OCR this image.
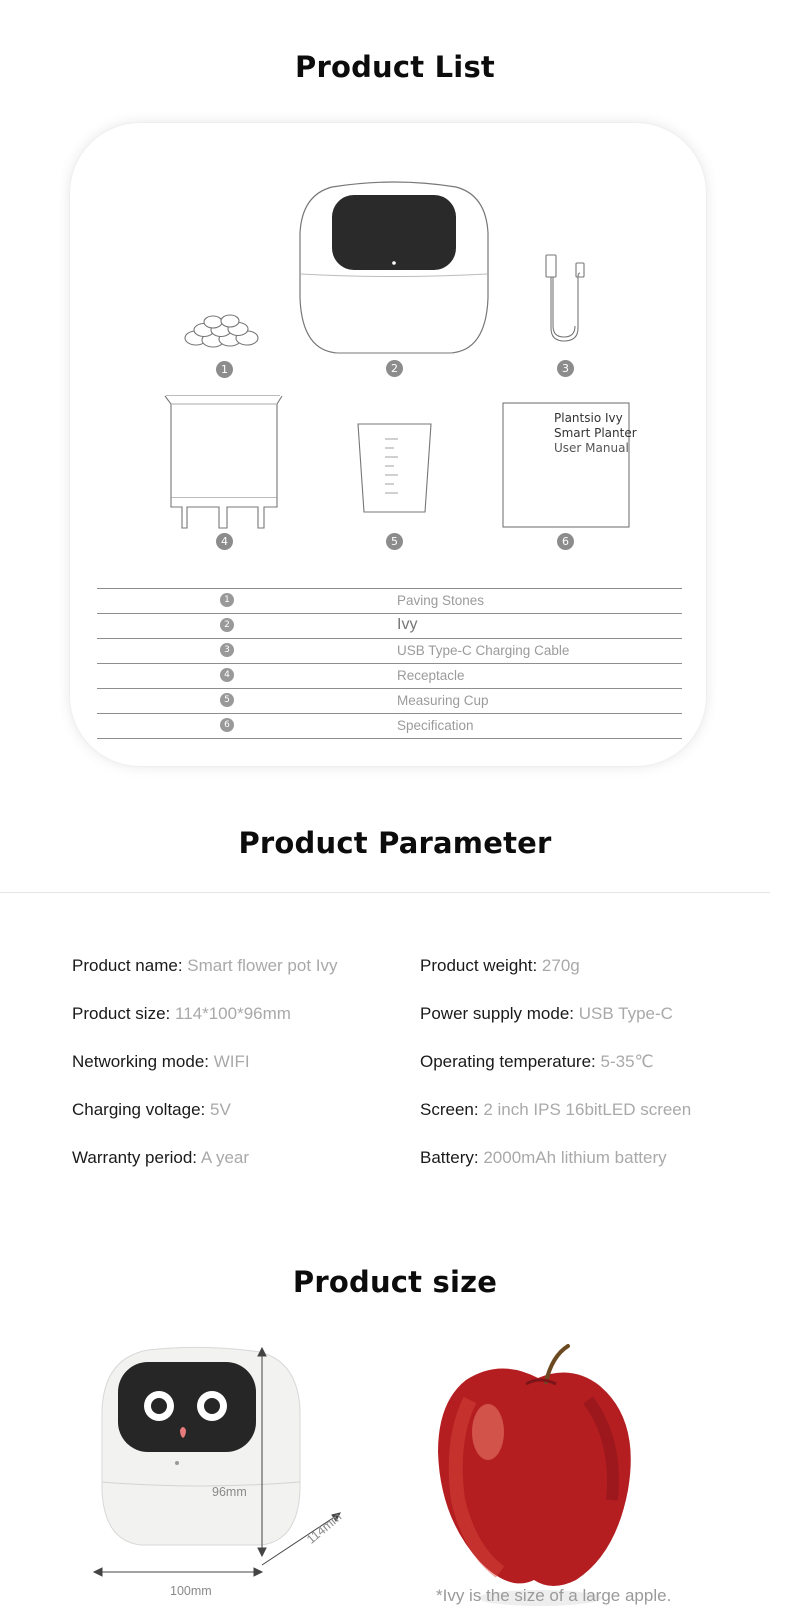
Product List
1	2	3
4	5	6
Plantsio Ivy
Smart Planter
User Manual
1	Paving Stones
2	Ivy
3	USB Type-C Charging Cable
4	Receptacle
5	Measuring Cup
6	Specification
Product Parameter
Product name: Smart flower pot Ivy
Product size: 114*100*96mm
Networking mode: WIFI
Charging voltage: 5V
Warranty period: A year
Product weight: 270g
Power supply mode: USB Type-C
Operating temperature: 5-35℃
Screen: 2 inch IPS 16bitLED screen
Battery: 2000mAh lithium battery
Product size
96mm
114mm
100mm	*Ivy is the size of a large apple.
